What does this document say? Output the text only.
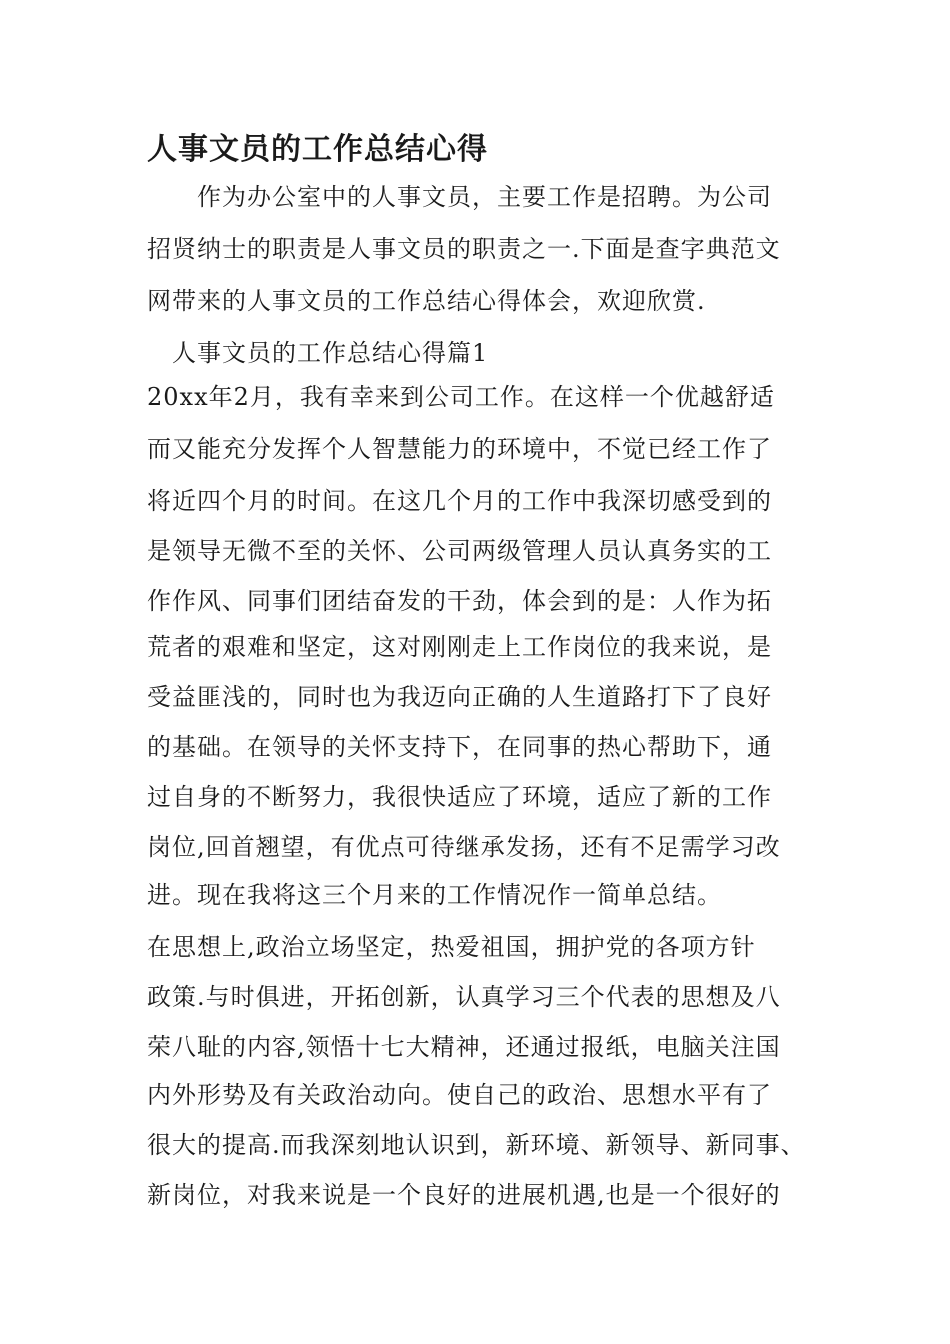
人事文员的工作总结心得
　　作为办公室中的人事文员，主要工作是招聘。为公司
招贤纳士的职责是人事文员的职责之一.下面是查字典范文
网带来的人事文员的工作总结心得体会，欢迎欣赏.
　人事文员的工作总结心得篇1
20xx年2月，我有幸来到公司工作。在这样一个优越舒适
而又能充分发挥个人智慧能力的环境中，不觉已经工作了
将近四个月的时间。在这几个月的工作中我深切感受到的
是领导无微不至的关怀、公司两级管理人员认真务实的工
作作风、同事们团结奋发的干劲，体会到的是：人作为拓
荒者的艰难和坚定，这对刚刚走上工作岗位的我来说，是
受益匪浅的，同时也为我迈向正确的人生道路打下了良好
的基础。在领导的关怀支持下，在同事的热心帮助下，通
过自身的不断努力，我很快适应了环境，适应了新的工作
岗位,回首翘望，有优点可待继承发扬，还有不足需学习改
进。现在我将这三个月来的工作情况作一简单总结。
在思想上,政治立场坚定，热爱祖国，拥护党的各项方针
政策.与时俱进，开拓创新，认真学习三个代表的思想及八
荣八耻的内容,领悟十七大精神，还通过报纸，电脑关注国
内外形势及有关政治动向。使自己的政治、思想水平有了
很大的提高.而我深刻地认识到，新环境、新领导、新同事、
新岗位，对我来说是一个良好的进展机遇,也是一个很好的
